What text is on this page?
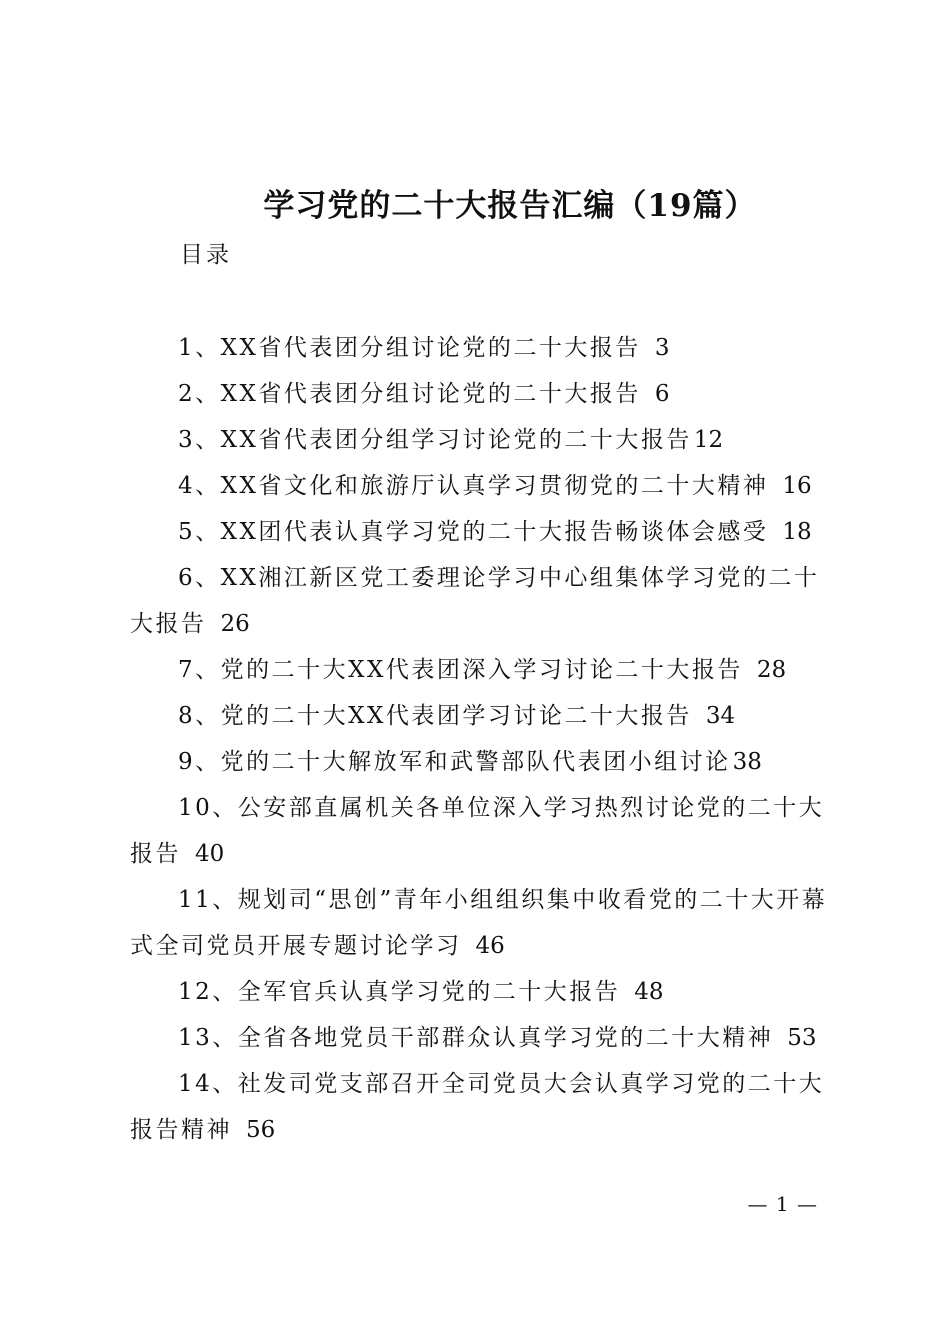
学习党的二十大报告汇编（19篇）
目录
1、XX省代表团分组讨论党的二十大报告 3
2、XX省代表团分组讨论党的二十大报告 6
3、XX省代表团分组学习讨论党的二十大报告12
4、XX省文化和旅游厅认真学习贯彻党的二十大精神 16
5、XX团代表认真学习党的二十大报告畅谈体会感受 18
6、XX湘江新区党工委理论学习中心组集体学习党的二十大报告 26
7、党的二十大XX代表团深入学习讨论二十大报告 28
8、党的二十大XX代表团学习讨论二十大报告 34
9、党的二十大解放军和武警部队代表团小组讨论38
10、公安部直属机关各单位深入学习热烈讨论党的二十大报告 40
11、规划司“思创”青年小组组织集中收看党的二十大开幕式全司党员开展专题讨论学习 46
12、全军官兵认真学习党的二十大报告 48
13、全省各地党员干部群众认真学习党的二十大精神 53
14、社发司党支部召开全司党员大会认真学习党的二十大报告精神 56
— 1 —
